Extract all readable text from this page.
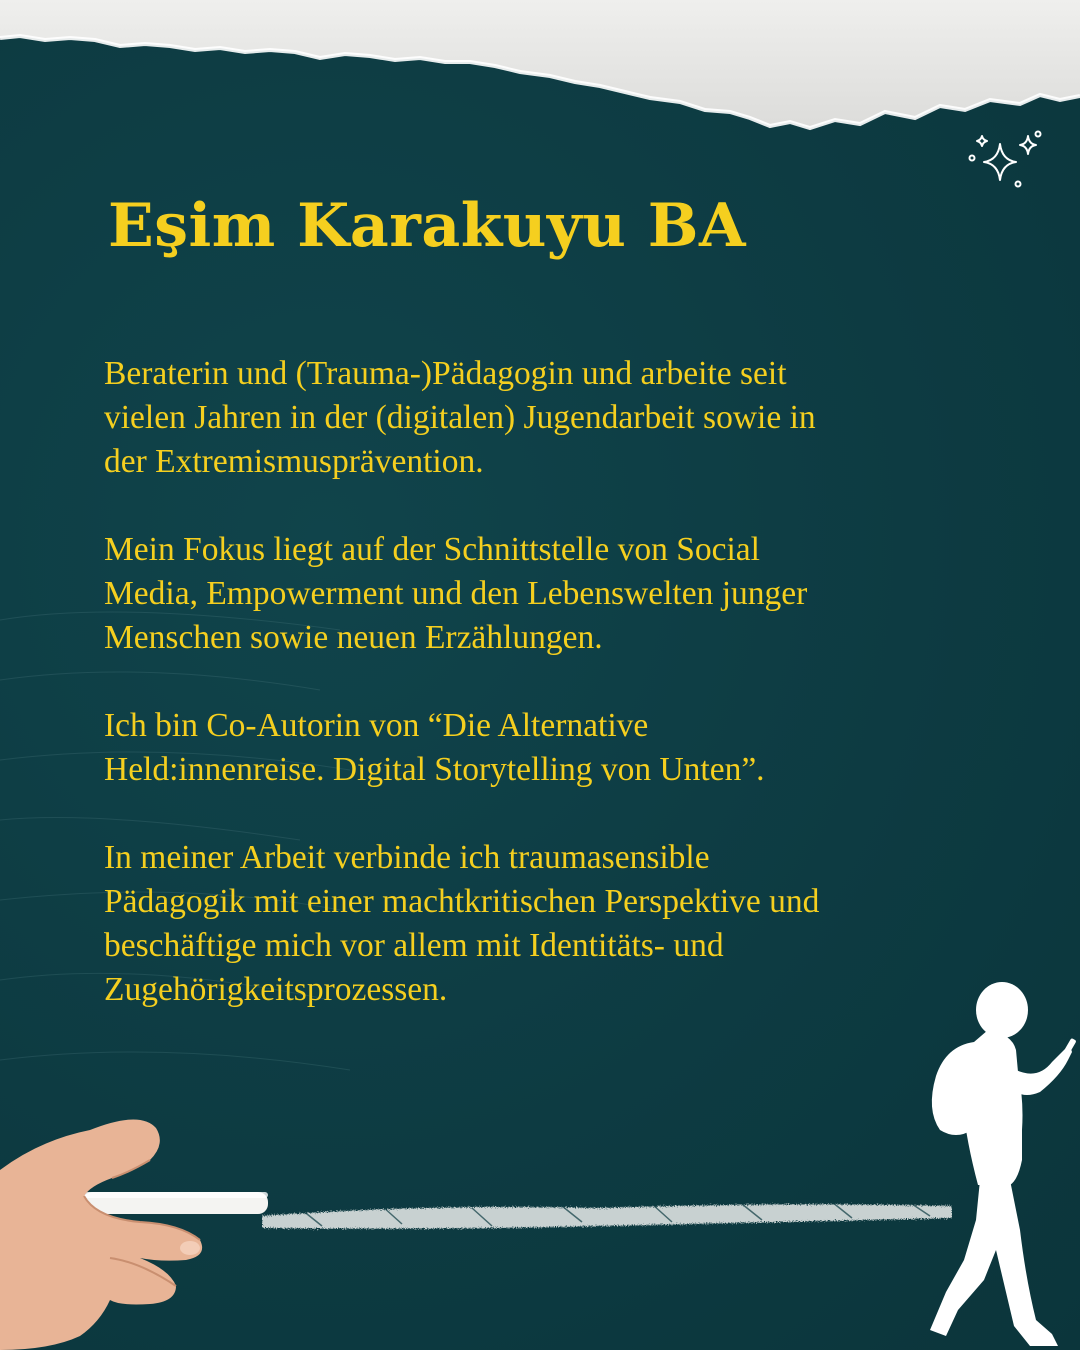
Eşim Karakuyu BA

Beraterin und (Trauma-)Pädagogin und arbeite seit
vielen Jahren in der (digitalen) Jugendarbeit sowie in
der Extremismusprävention.

Mein Fokus liegt auf der Schnittstelle von Social
Media, Empowerment und den Lebenswelten junger
Menschen sowie neuen Erzählungen.

Ich bin Co-Autorin von “Die Alternative
Held:innenreise. Digital Storytelling von Unten”.

In meiner Arbeit verbinde ich traumasensible
Pädagogik mit einer machtkritischen Perspektive und
beschäftige mich vor allem mit Identitäts- und
Zugehörigkeitsprozessen.
